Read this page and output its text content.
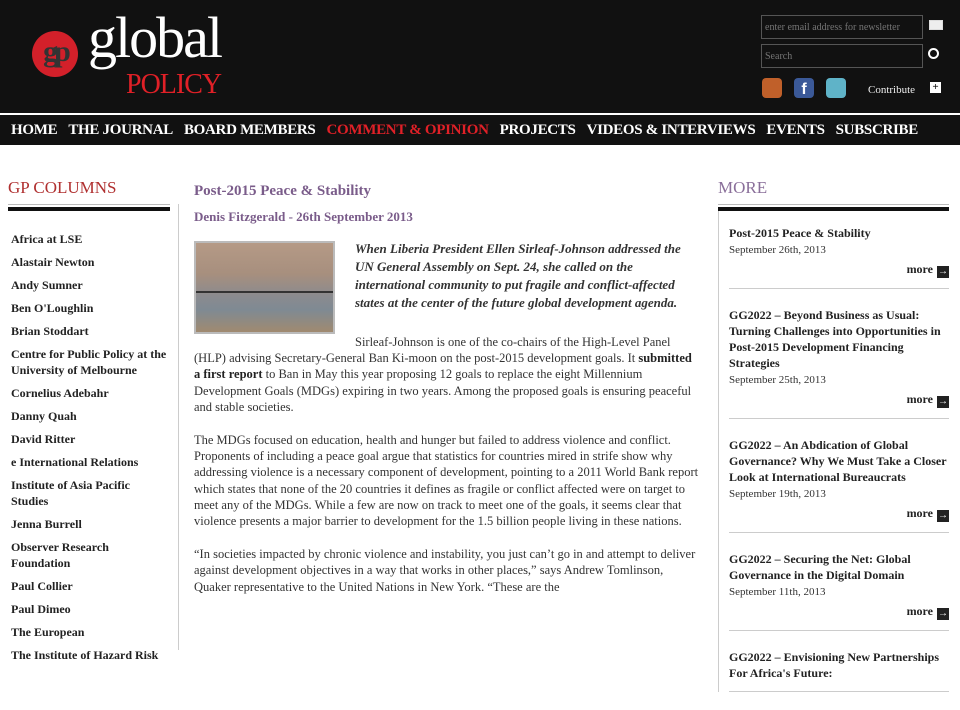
gp global
POLICY
enter email address for newsletter
Search	f	Contribute +
HOME THE JOURNAL BOARD MEMBERS COMMENT & OPINION PROJECTS VIDEOS & INTERVIEWS EVENTS SUBSCRIBE
GP COLUMNS
Africa at LSE
Alastair Newton
Andy Sumner
Ben O'Loughlin
Brian Stoddart
Centre for Public Policy at the University of Melbourne
Cornelius Adebahr
Danny Quah
David Ritter
e International Relations
Institute of Asia Pacific Studies
Jenna Burrell
Observer Research Foundation
Paul Collier
Paul Dimeo
The European
The Institute of Hazard Risk
Post-2015 Peace & Stability
Denis Fitzgerald - 26th September 2013
When Liberia President Ellen Sirleaf-Johnson addressed the UN General Assembly on Sept. 24, she called on the international community to put fragile and conflict-affected states at the center of the future global development agenda.

Sirleaf-Johnson is one of the co-chairs of the High-Level Panel (HLP) advising Secretary-General Ban Ki-moon on the post-2015 development goals. It submitted a first report to Ban in May this year proposing 12 goals to replace the eight Millennium Development Goals (MDGs) expiring in two years. Among the proposed goals is ensuring peaceful and stable societies.

The MDGs focused on education, health and hunger but failed to address violence and conflict. Proponents of including a peace goal argue that statistics for countries mired in strife show why addressing violence is a necessary component of development, pointing to a 2011 World Bank report which states that none of the 20 countries it defines as fragile or conflict affected were on target to meet any of the MDGs. While a few are now on track to meet one of the goals, it seems clear that violence presents a major barrier to development for the 1.5 billion people living in these nations.

“In societies impacted by chronic violence and instability, you just can’t go in and attempt to deliver against development objectives in a way that works in other places,” says Andrew Tomlinson, Quaker representative to the United Nations in New York. “These are the

MORE
Post-2015 Peace & Stability
September 26th, 2013
more →
GG2022 – Beyond Business as Usual: Turning Challenges into Opportunities in Post-2015 Development Financing Strategies
September 25th, 2013
more →
GG2022 – An Abdication of Global Governance? Why We Must Take a Closer Look at International Bureaucrats
September 19th, 2013
more →
GG2022 – Securing the Net: Global Governance in the Digital Domain
September 11th, 2013
more →
GG2022 – Envisioning New Partnerships For Africa's Future:
